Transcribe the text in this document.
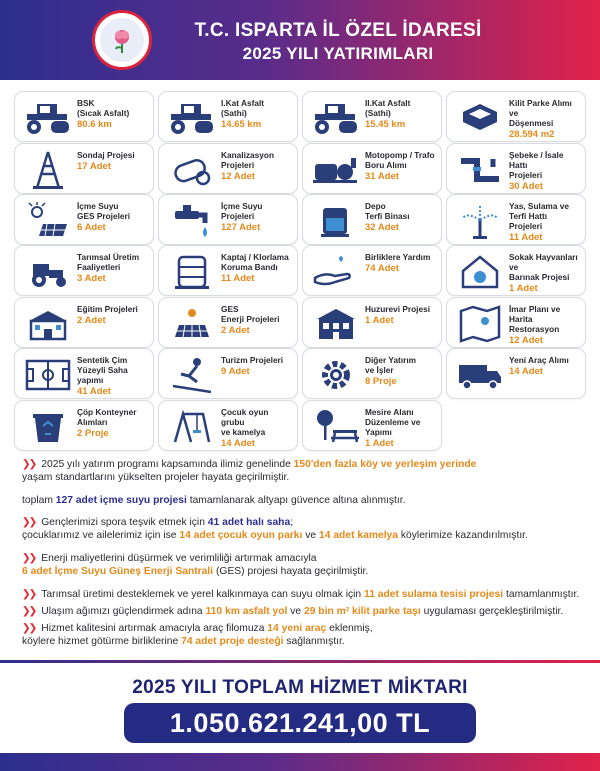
T.C. ISPARTA İL ÖZEL İDARESİ
2025 YILI YATIRIMLARI
BSK
(Sıcak Asfalt)
80.6 km
I.Kat Asfalt
(Sathi)
14.65 km
II.Kat Asfalt
(Sathi)
15.45 km
Kilit Parke Alımı ve
Döşenmesi
28.594 m2
Sondaj Projesi
17 Adet
Kanalizasyon
Projeleri
12 Adet
Motopomp / Trafo
Boru Alımı
31 Adet
Şebeke / İsale Hattı
Projeleri
30 Adet
İçme Suyu
GES Projeleri
6 Adet
İçme Suyu
Projeleri
127 Adet
Depo
Terfi Binası
32 Adet
Yas, Sulama ve
Terfi Hattı Projeleri
11 Adet
Tarımsal Üretim
Faaliyetleri
3 Adet
Kaptaj / Klorlama
Koruma Bandı
11 Adet
Birliklere Yardım
74 Adet
Sokak Hayvanları ve
Barınak Projesi
1 Adet
Eğitim Projeleri
2 Adet
GES
Enerji Projeleri
2 Adet
Huzurevi Projesi
1 Adet
İmar Planı ve
Harita Restorasyon
12 Adet
Sentetik Çim
Yüzeyli Saha yapımı
41 Adet
Turizm Projeleri
9 Adet
Diğer Yatırım
ve İşler
8 Proje
Yeni Araç Alımı
14 Adet
Çöp Konteyner
Alımları
2 Proje
Çocuk oyun grubu
ve kamelya
14 Adet
Mesire Alanı
Düzenleme ve
Yapımı
1 Adet
❯❯ 2025 yılı yatırım programı kapsamında ilimiz genelinde 150'den fazla köy ve yerleşim yerinde
yaşam standartlarını yükselten projeler hayata geçirilmiştir.
toplam 127 adet içme suyu projesi tamamlanarak altyapı güvence altına alınmıştır.
❯❯ Gençlerimizi spora teşvik etmek için 41 adet halı saha;
çocuklarımız ve ailelerimiz için ise 14 adet çocuk oyun parkı ve 14 adet kamelya köylerimize kazandırılmıştır.
❯❯ Enerji maliyetlerini düşürmek ve verimliliği artırmak amacıyla
6 adet İçme Suyu Güneş Enerji Santrali (GES) projesi hayata geçirilmiştir.
❯❯ Tarımsal üretimi desteklemek ve yerel kalkınmaya can suyu olmak için 11 adet sulama tesisi projesi tamamlanmıştır.
❯❯ Ulaşım ağımızı güçlendirmek adına 110 km asfalt yol ve 29 bin m² kilit parke taşı uygulaması gerçekleştirilmiştir.
❯❯ Hizmet kalitesini artırmak amacıyla araç filomuza 14 yeni araç eklenmiş,
köylere hizmet götürme birliklerine 74 adet proje desteği sağlanmıştır.
2025 YILI TOPLAM HİZMET MİKTARI
1.050.621.241,00 TL
